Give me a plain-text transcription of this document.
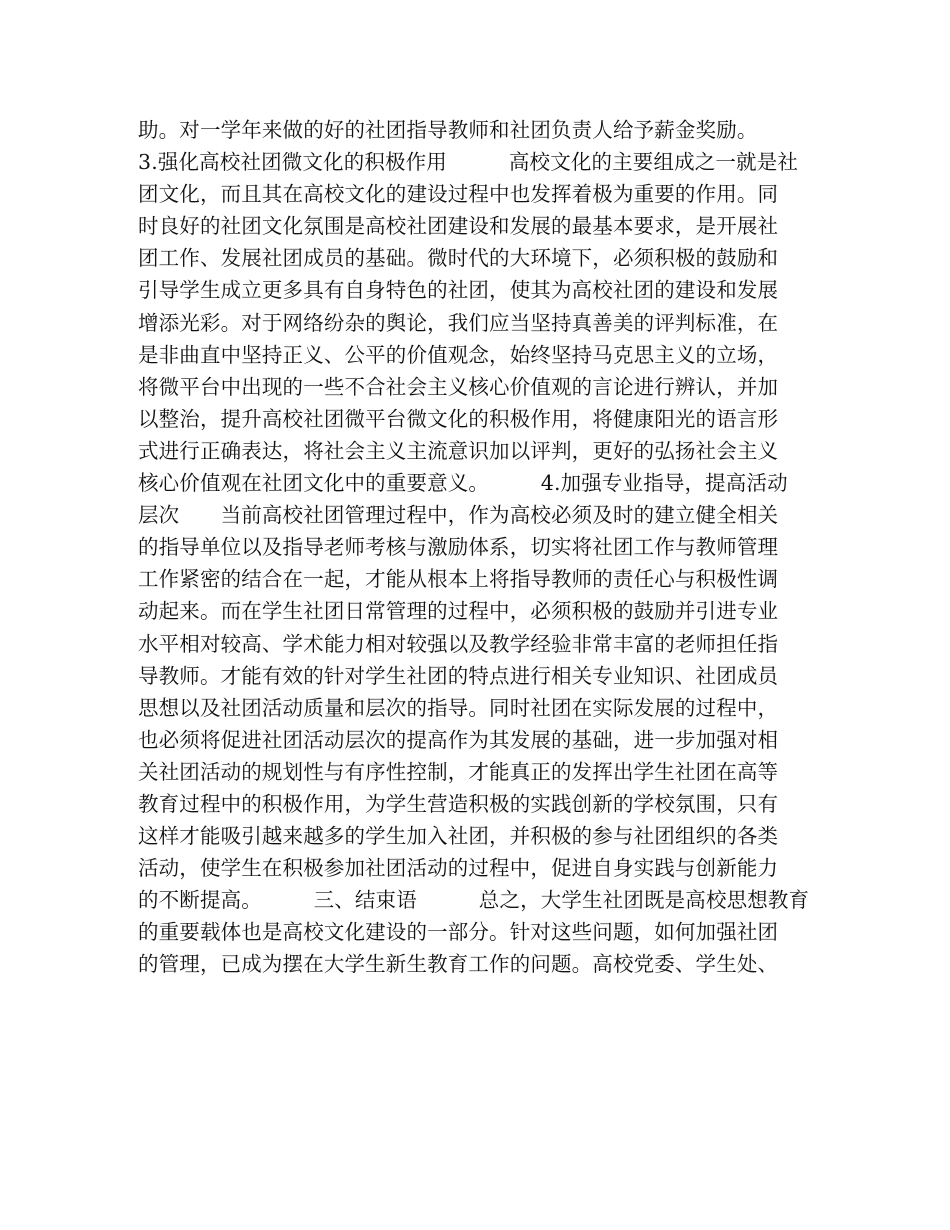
助。对一学年来做的好的社团指导教师和社团负责人给予薪金奖励。
3.强化高校社团微文化的积极作用　　　高校文化的主要组成之一就是社
团文化，而且其在高校文化的建设过程中也发挥着极为重要的作用。同
时良好的社团文化氛围是高校社团建设和发展的最基本要求，是开展社
团工作、发展社团成员的基础。微时代的大环境下，必须积极的鼓励和
引导学生成立更多具有自身特色的社团，使其为高校社团的建设和发展
增添光彩。对于网络纷杂的舆论，我们应当坚持真善美的评判标准，在
是非曲直中坚持正义、公平的价值观念，始终坚持马克思主义的立场，
将微平台中出现的一些不合社会主义核心价值观的言论进行辨认，并加
以整治，提升高校社团微平台微文化的积极作用，将健康阳光的语言形
式进行正确表达，将社会主义主流意识加以评判，更好的弘扬社会主义
核心价值观在社团文化中的重要意义。　　　4.加强专业指导，提高活动
层次　　当前高校社团管理过程中，作为高校必须及时的建立健全相关
的指导单位以及指导老师考核与激励体系，切实将社团工作与教师管理
工作紧密的结合在一起，才能从根本上将指导教师的责任心与积极性调
动起来。而在学生社团日常管理的过程中，必须积极的鼓励并引进专业
水平相对较高、学术能力相对较强以及教学经验非常丰富的老师担任指
导教师。才能有效的针对学生社团的特点进行相关专业知识、社团成员
思想以及社团活动质量和层次的指导。同时社团在实际发展的过程中，
也必须将促进社团活动层次的提高作为其发展的基础，进一步加强对相
关社团活动的规划性与有序性控制，才能真正的发挥出学生社团在高等
教育过程中的积极作用，为学生营造积极的实践创新的学校氛围，只有
这样才能吸引越来越多的学生加入社团，并积极的参与社团组织的各类
活动，使学生在积极参加社团活动的过程中，促进自身实践与创新能力
的不断提高。　　　三、结束语　　　总之，大学生社团既是高校思想教育
的重要载体也是高校文化建设的一部分。针对这些问题，如何加强社团
的管理，已成为摆在大学生新生教育工作的问题。高校党委、学生处、
